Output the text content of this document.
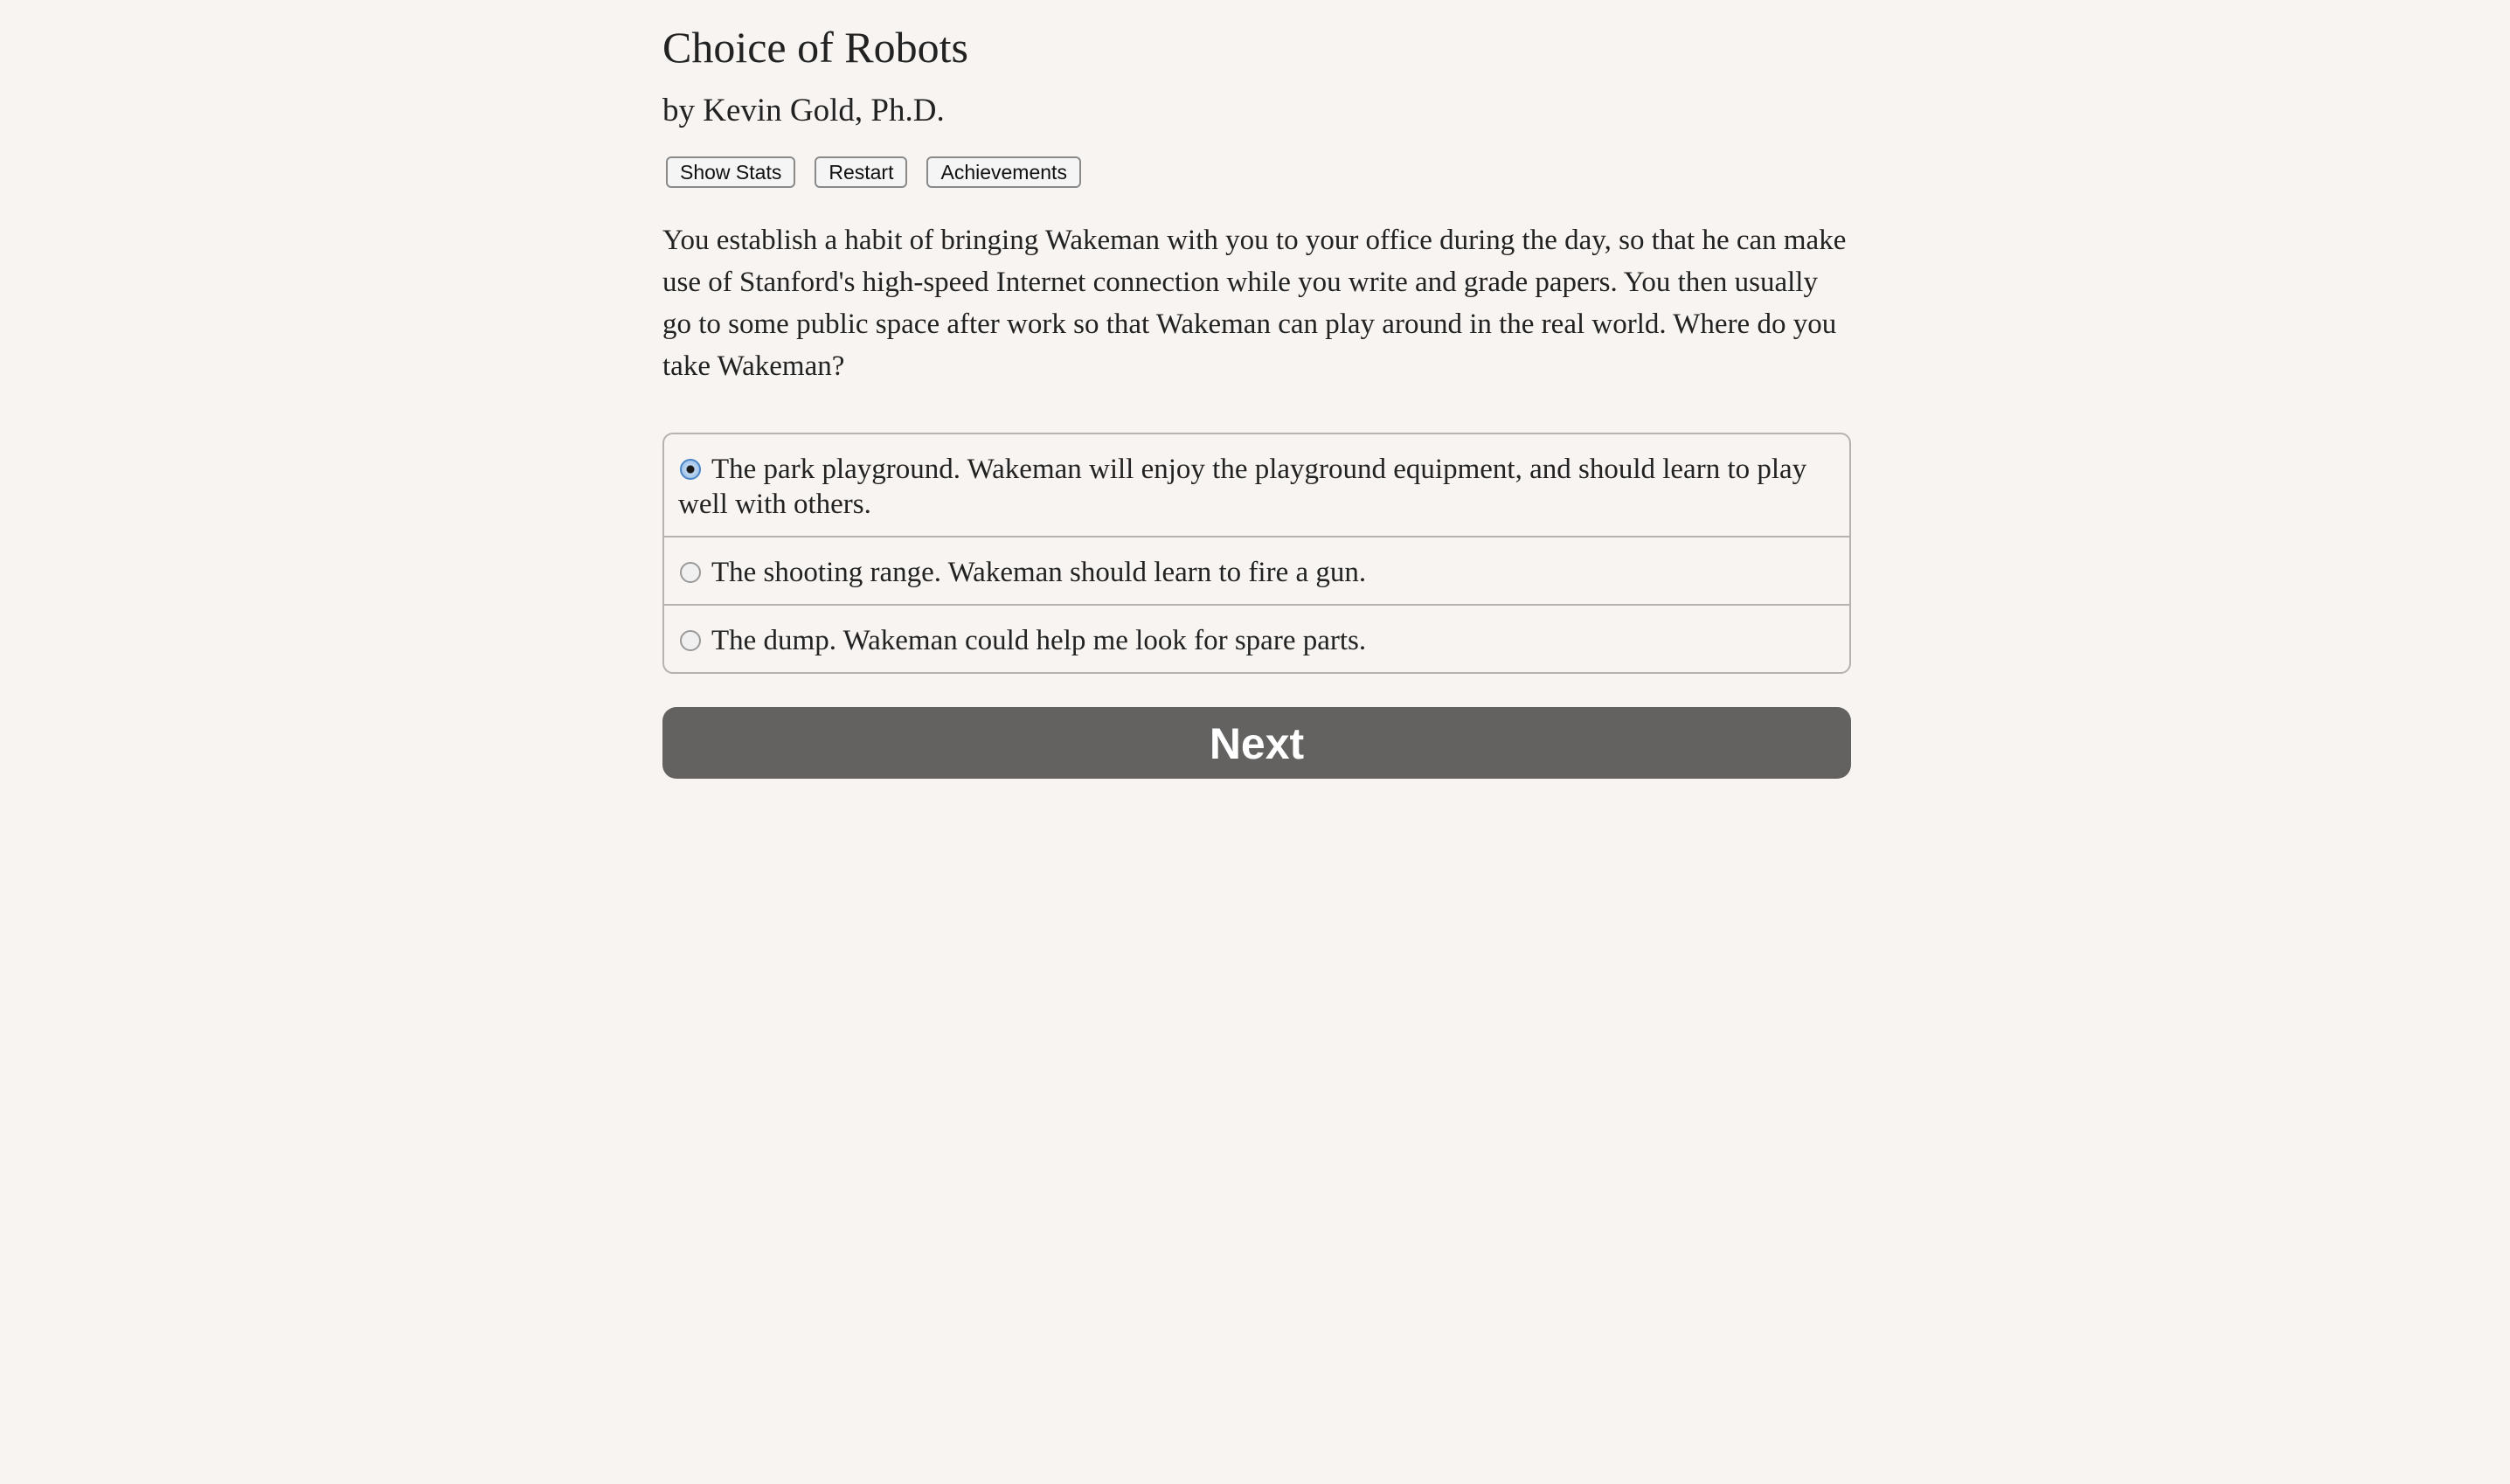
Choice of Robots

by Kevin Gold, Ph.D.

Show Stats	Restart	Achievements
You establish a habit of bringing Wakeman with you to your office during the day, so that he can make use of Stanford's high-speed Internet connection while you write and grade papers. You then usually go to some public space after work so that Wakeman can play around in the real world. Where do you take Wakeman?
The park playground. Wakeman will enjoy the playground equipment, and should learn to play well with others.
The shooting range. Wakeman should learn to fire a gun.
The dump. Wakeman could help me look for spare parts.
Next
